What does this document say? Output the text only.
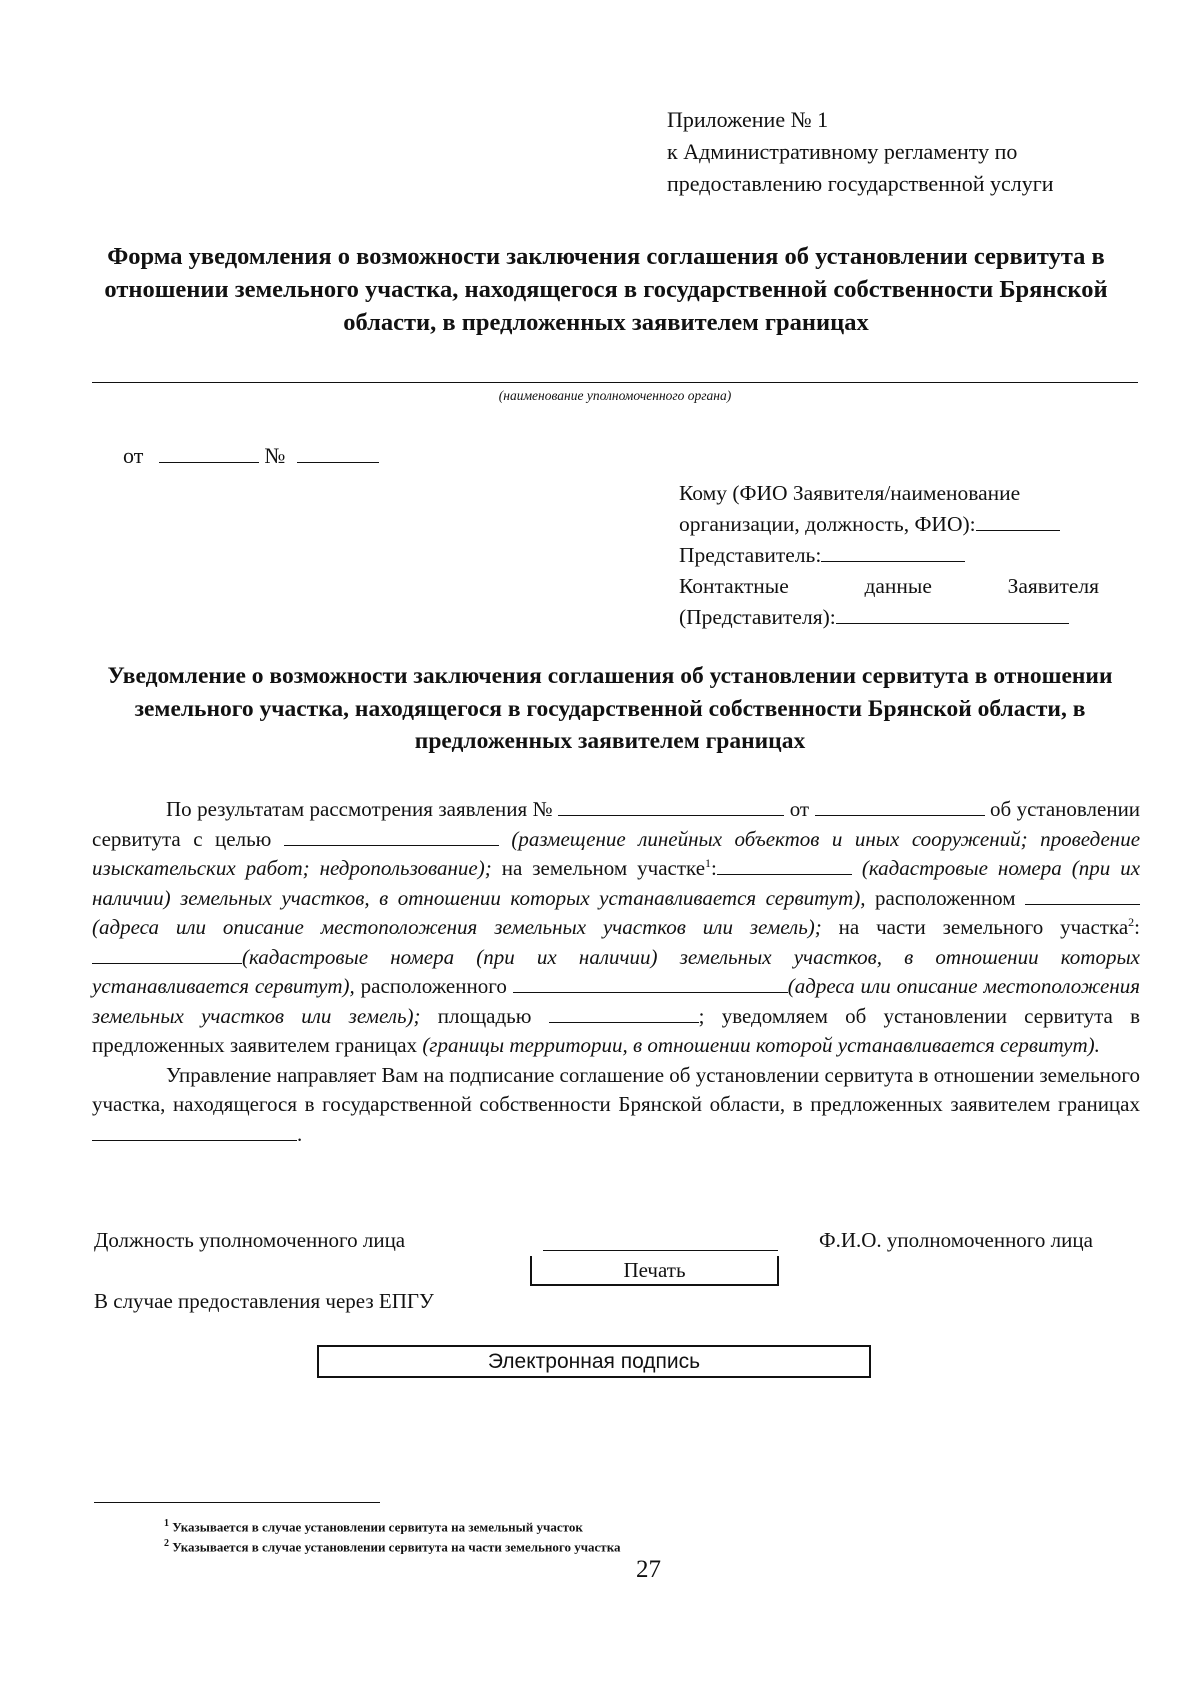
Приложение № 1
к Административному регламенту по
предоставлению государственной услуги
Форма уведомления о возможности заключения соглашения об установлении сервитута в отношении земельного участка, находящегося в государственной собственности Брянской области, в предложенных заявителем границах
(наименование уполномоченного органа)
от	№
Кому (ФИО Заявителя/наименование
организации, должность, ФИО):
Представитель:
Контактные	данные	Заявителя
(Представителя):
Уведомление о возможности заключения соглашения об установлении сервитута в отношении земельного участка, находящегося в государственной собственности Брянской области, в предложенных заявителем границах

По результатам рассмотрения заявления №	от	об установлении сервитута с целью	(размещение линейных объектов и иных сооружений; проведение изыскательских работ; недропользование); на земельном участке$^1$:	(кадастровые номера (при их наличии) земельных участков, в отношении которых устанавливается сервитут), расположенном  (адреса или описание местоположения земельных участков или земель); на части земельного участка$^2$:(кадастровые номера (при их наличии) земельных участков, в отношении которых устанавливается сервитут), расположенного	(адреса или описание местоположения земельных участков или земель); площадью	; уведомляем об установлении сервитута в предложенных заявителем границах (границы территории, в отношении которой устанавливается сервитут).

Управление направляет Вам на подписание соглашение об установлении сервитута в отношении земельного участка, находящегося в государственной собственности Брянской области, в предложенных заявителем границах .

Должность уполномоченного лица	Ф.И.О. уполномоченного лица
Печать
В случае предоставления через ЕПГУ
Электронная подпись
$^1$ Указывается в случае установлении сервитута на земельный участок
$^2$ Указывается в случае установлении сервитута на части земельного участка
27
